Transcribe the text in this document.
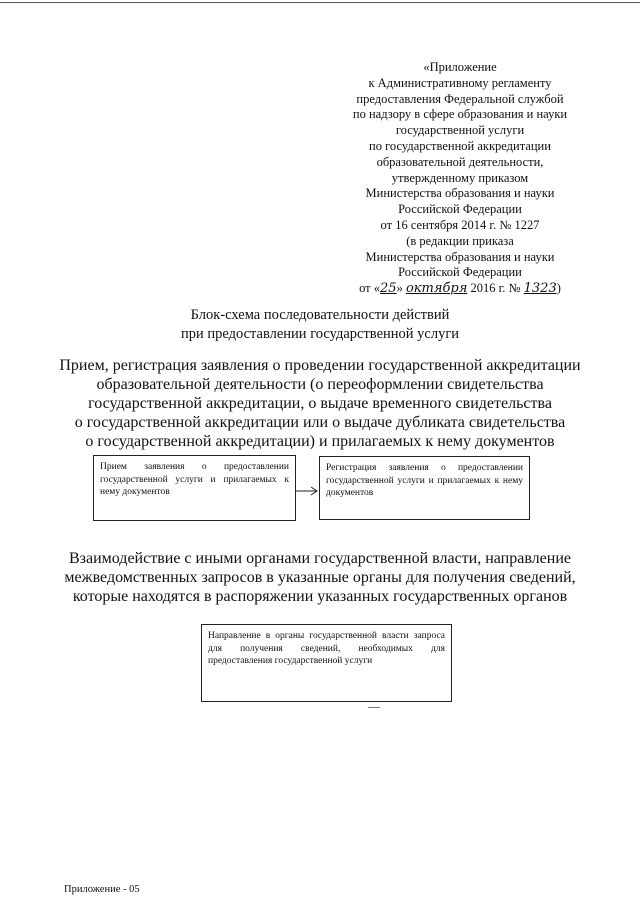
«Приложение
к Административному регламенту
предоставления Федеральной службой
по надзору в сфере образования и науки
государственной услуги
по государственной аккредитации
образовательной деятельности,
утвержденному приказом
Министерства образования и науки
Российской Федерации
от 16 сентября 2014 г. № 1227
(в редакции приказа
Министерства образования и науки
Российской Федерации
от «25» октября 2016 г. № 1323)
Блок-схема последовательности действий
при предоставлении государственной услуги
Прием, регистрация заявления о проведении государственной аккредитации
образовательной деятельности (о переоформлении свидетельства
государственной аккредитации, о выдаче временного свидетельства
о государственной аккредитации или о выдаче дубликата свидетельства
о государственной аккредитации) и прилагаемых к нему документов
Прием заявления о предоставлении государственной услуги и прилагаемых к нему документов
Регистрация заявления о предоставлении государственной услуги и прилагаемых к нему документов
Взаимодействие с иными органами государственной власти, направление
межведомственных запросов в указанные органы для получения сведений,
которые находятся в распоряжении указанных государственных органов
Направление в органы государственной власти запроса для получения сведений, необходимых для предоставления государственной услуги
Приложение - 05
